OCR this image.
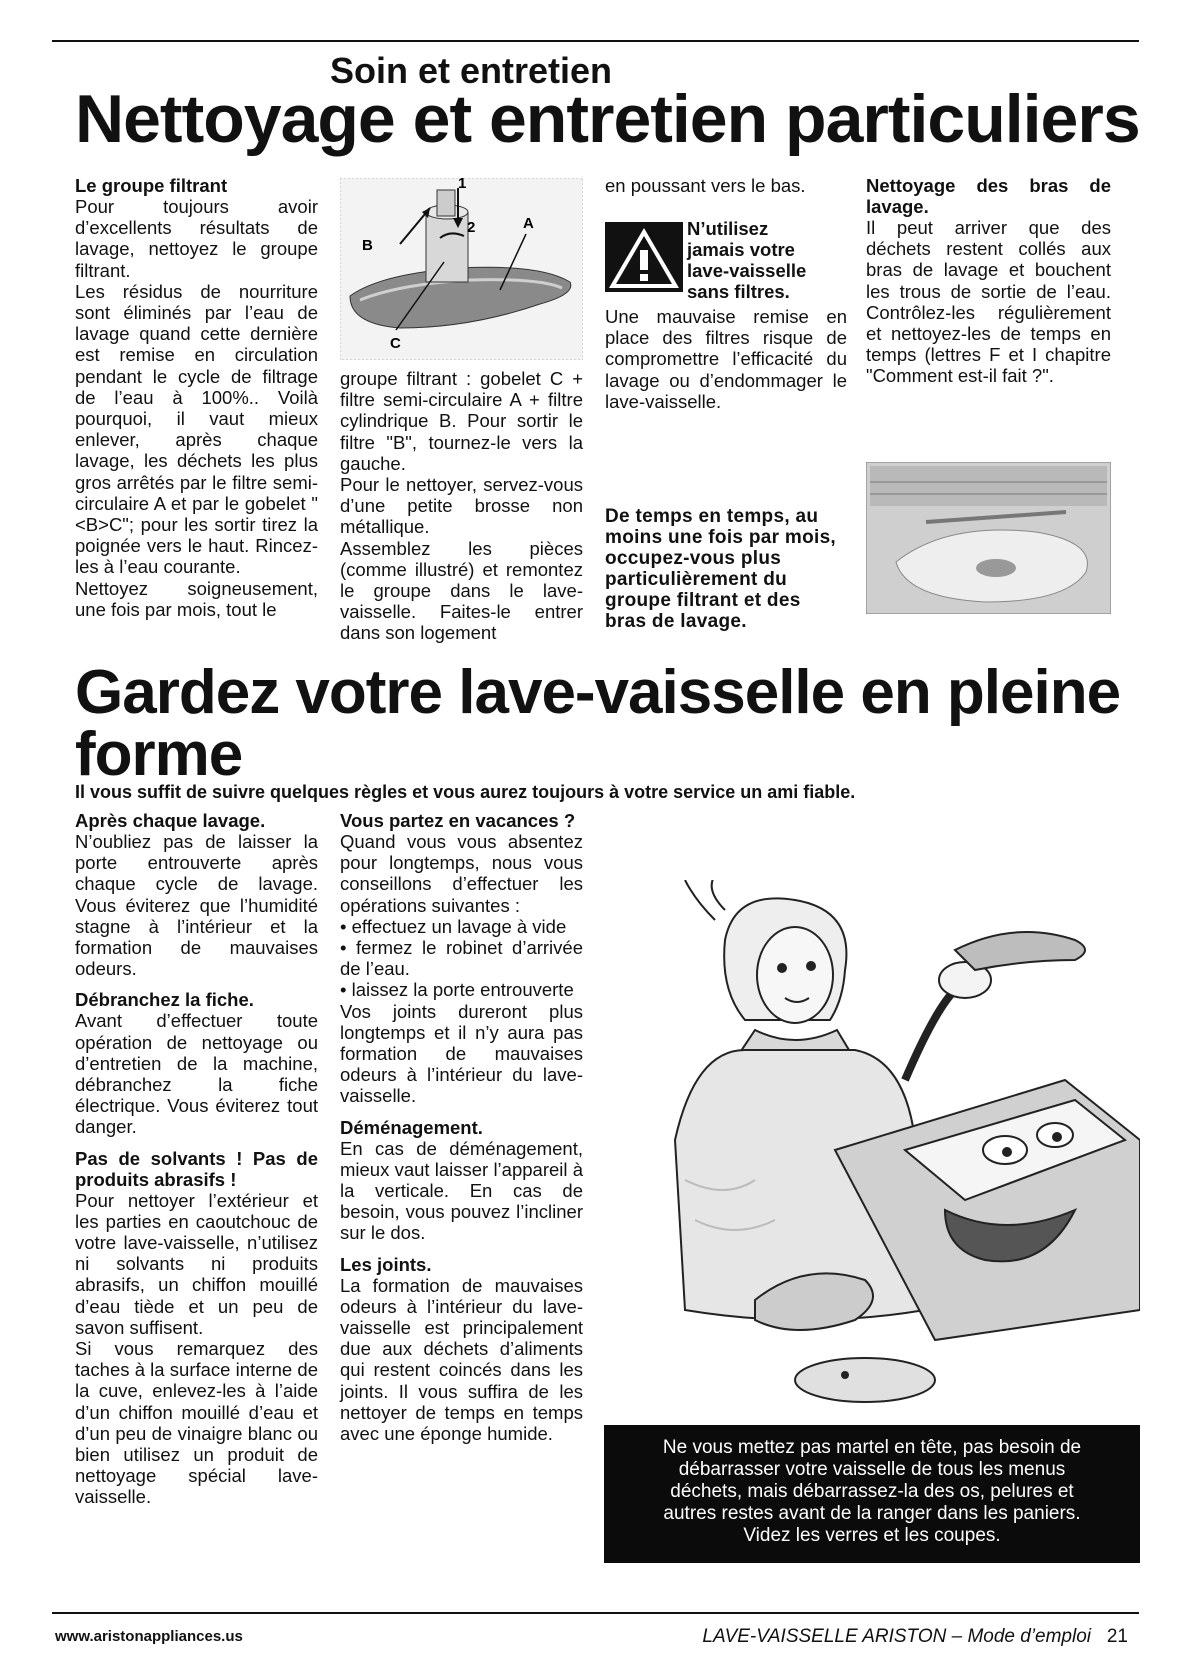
Soin et entretien
Nettoyage et entretien particuliers
Le groupe filtrant

Pour toujours avoir d’excellents résultats de lavage, nettoyez le groupe filtrant.

Les résidus de nourriture sont éliminés par l’eau de lavage quand cette dernière est remise en circulation pendant le cycle de filtrage de l’eau à 100%.. Voilà pourquoi, il vaut mieux enlever, après chaque lavage, les déchets les plus gros arrêtés par le filtre semi-circulaire A et par le gobelet "<B>C"; pour les sortir tirez la poignée vers le haut. Rincez-les à l’eau courante.

Nettoyez soigneusement, une fois par mois, tout le

1
2	A
B
C

groupe filtrant : gobelet C + filtre semi-circulaire A + filtre cylindrique B. Pour sortir le filtre "B", tournez-le vers la gauche.

Pour le nettoyer, servez-vous d’une petite brosse non métallique.

Assemblez les pièces (comme illustré) et remontez le groupe dans le lave-vaisselle. Faites-le entrer dans son logement

en poussant vers le bas.

N’utilisez jamais votre lave-vaisselle sans filtres.

Une mauvaise remise en place des filtres risque de compromettre l’efficacité du lavage ou d’endommager le lave-vaisselle.

De temps en temps, au moins une fois par mois, occupez-vous plus particulièrement du groupe filtrant et des bras de lavage.
Nettoyage des bras de lavage.

Il peut arriver que des déchets restent collés aux bras de lavage et bouchent les trous de sortie de l’eau. Contrôlez-les régulièrement et nettoyez-les de temps en temps (lettres F et I chapitre "Comment est-il fait ?".

Gardez votre lave-vaisselle en pleine forme
Il vous suffit de suivre quelques règles et vous aurez toujours à votre service un ami fiable.
Après chaque lavage.

N’oubliez pas de laisser la porte entrouverte après chaque cycle de lavage. Vous éviterez que l’humidité stagne à l’intérieur et la formation de mauvaises odeurs.

Débranchez la fiche.

Avant d’effectuer toute opération de nettoyage ou d’entretien de la machine, débranchez la fiche électrique. Vous éviterez tout danger.

Pas de solvants ! Pas de produits abrasifs !

Pour nettoyer l’extérieur et les parties en caoutchouc de votre lave-vaisselle, n’utilisez ni solvants ni produits abrasifs, un chiffon mouillé d’eau tiède et un peu de savon suffisent.

Si vous remarquez des taches à la surface interne de la cuve, enlevez-les à l’aide d’un chiffon mouillé d’eau et d’un peu de vinaigre blanc ou bien utilisez un produit de nettoyage spécial lave-vaisselle.

Vous partez en vacances ?

Quand vous vous absentez pour longtemps, nous vous conseillons d’effectuer les opérations suivantes :

• effectuez un lavage à vide

• fermez le robinet d’arrivée de l’eau.

• laissez la porte entrouverte

Vos joints dureront plus longtemps et il n’y aura pas formation de mauvaises odeurs à l’intérieur du lave-vaisselle.

Déménagement.

En cas de déménagement, mieux vaut laisser l’appareil à la verticale. En cas de besoin, vous pouvez l’incliner sur le dos.

Les joints.

La formation de mauvaises odeurs à l’intérieur du lave-vaisselle est principalement due aux déchets d’aliments qui restent coincés dans les joints. Il vous suffira de les nettoyer de temps en temps avec une éponge humide.

Ne vous mettez pas martel en tête, pas besoin de
débarrasser votre vaisselle de tous les menus
déchets, mais débarrassez-la des os, pelures et
autres restes avant de la ranger dans les paniers.
Videz les verres et les coupes.
www.aristonappliances.us	LAVE-VAISSELLE ARISTON – Mode d’emploi 21
